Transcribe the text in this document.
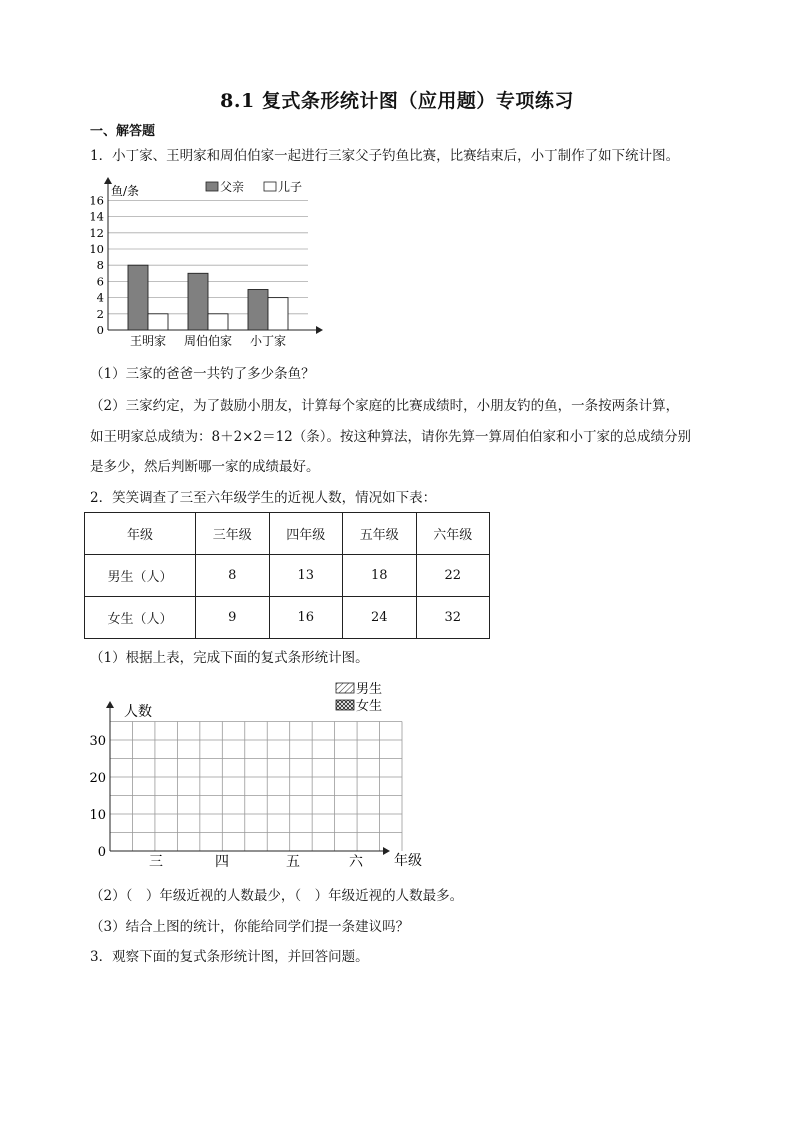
8.1 复式条形统计图（应用题）专项练习
一、解答题
1．小丁家、王明家和周伯伯家一起进行三家父子钓鱼比赛，比赛结束后，小丁制作了如下统计图。
0
2
4
6
8
10
12
14
16
鱼/条	父亲	儿子
王明家 周伯伯家 小丁家
（1）三家的爸爸一共钓了多少条鱼？
（2）三家约定，为了鼓励小朋友，计算每个家庭的比赛成绩时，小朋友钓的鱼，一条按两条计算，
如王明家总成绩为：8＋2×2＝12（条）。按这种算法，请你先算一算周伯伯家和小丁家的总成绩分别
是多少，然后判断哪一家的成绩最好。
2．笑笑调查了三至六年级学生的近视人数，情况如下表：
年级	三年级	四年级	五年级	六年级
男生（人）	8	13	18	22
女生（人）	9	16	24	32
（1）根据上表，完成下面的复式条形统计图。
0
10
20
30
人数
年级
三	四	五	六
男生
女生
（2）（　）年级近视的人数最少，（　）年级近视的人数最多。
（3）结合上图的统计，你能给同学们提一条建议吗？
3．观察下面的复式条形统计图，并回答问题。
